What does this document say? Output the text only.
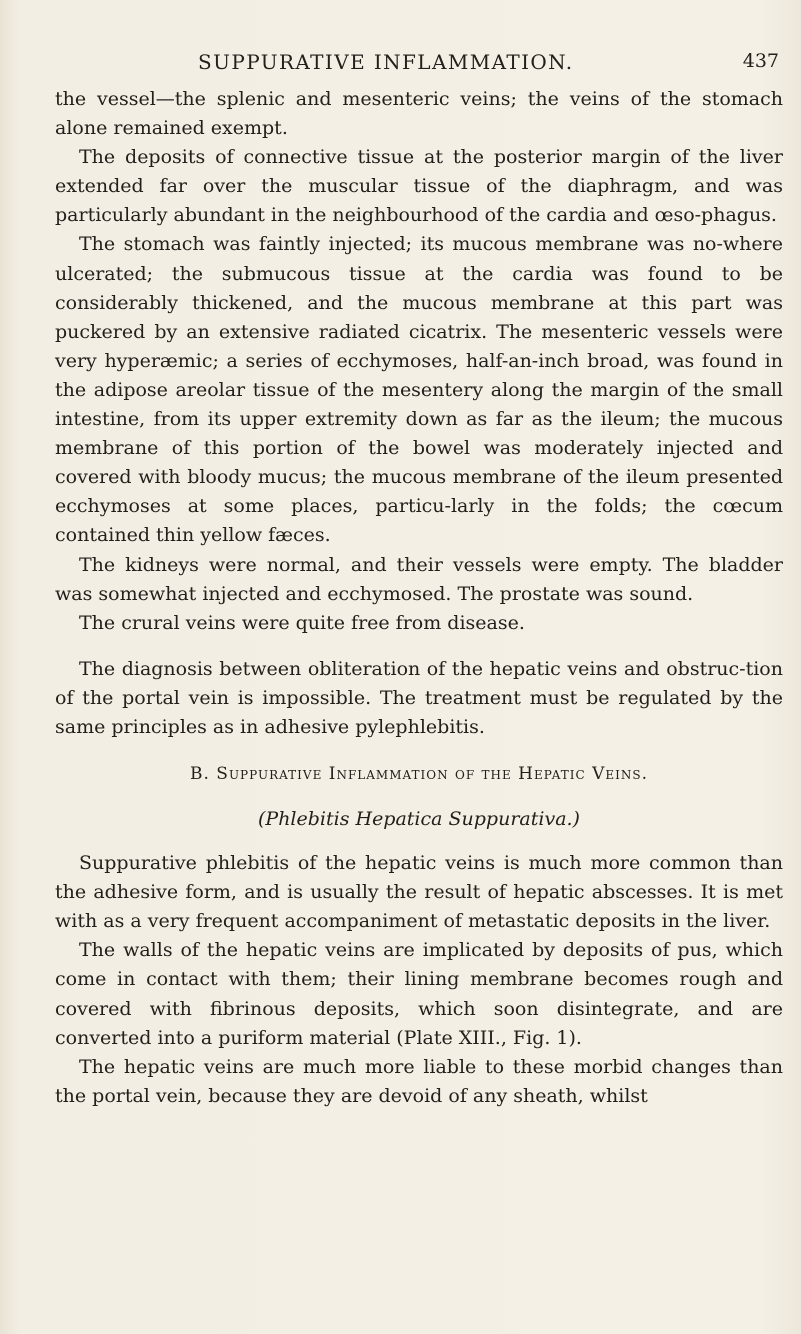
SUPPURATIVE INFLAMMATION.	437

the vessel—the splenic and mesenteric veins; the veins of the stomach alone remained exempt.

The deposits of connective tissue at the posterior margin of the liver extended far over the muscular tissue of the diaphragm, and was particularly abundant in the neighbourhood of the cardia and œso-phagus.

The stomach was faintly injected; its mucous membrane was no-where ulcerated; the submucous tissue at the cardia was found to be considerably thickened, and the mucous membrane at this part was puckered by an extensive radiated cicatrix. The mesenteric vessels were very hyperæmic; a series of ecchymoses, half-an-inch broad, was found in the adipose areolar tissue of the mesentery along the margin of the small intestine, from its upper extremity down as far as the ileum; the mucous membrane of this portion of the bowel was moderately injected and covered with bloody mucus; the mucous membrane of the ileum presented ecchymoses at some places, particu-larly in the folds; the cœcum contained thin yellow fæces.

The kidneys were normal, and their vessels were empty. The bladder was somewhat injected and ecchymosed. The prostate was sound.

The crural veins were quite free from disease.

The diagnosis between obliteration of the hepatic veins and obstruc-tion of the portal vein is impossible. The treatment must be regulated by the same principles as in adhesive pylephlebitis.

B. Suppurative Inflammation of the Hepatic Veins.

(Phlebitis Hepatica Suppurativa.)

Suppurative phlebitis of the hepatic veins is much more common than the adhesive form, and is usually the result of hepatic abscesses. It is met with as a very frequent accompaniment of metastatic deposits in the liver.

The walls of the hepatic veins are implicated by deposits of pus, which come in contact with them; their lining membrane becomes rough and covered with fibrinous deposits, which soon disintegrate, and are converted into a puriform material (Plate XIII., Fig. 1).

The hepatic veins are much more liable to these morbid changes than the portal vein, because they are devoid of any sheath, whilst
